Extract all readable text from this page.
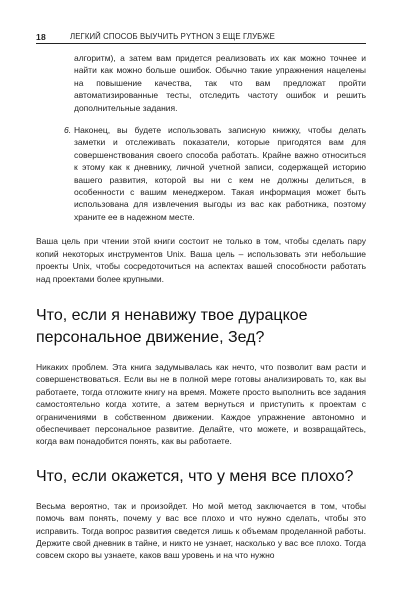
18	ЛЕГКИЙ СПОСОБ ВЫУЧИТЬ PYTHON 3 ЕЩЕ ГЛУБЖЕ
алгоритм), а затем вам придется реализовать их как можно точнее и найти как можно больше ошибок. Обычно такие упражнения нацелены на повышение качества, так что вам предложат пройти автоматизированные тесты, отследить частоту ошибок и решить дополнительные задания.
6. Наконец, вы будете использовать записную книжку, чтобы делать заметки и отслеживать показатели, которые пригодятся вам для совершенствования своего способа работать. Крайне важно относиться к этому как к дневнику, личной учетной записи, содержащей историю вашего развития, которой вы ни с кем не должны делиться, в особенности с вашим менеджером. Такая информация может быть использована для извлечения выгоды из вас как работника, поэтому храните ее в надежном месте.

Ваша цель при чтении этой книги состоит не только в том, чтобы сделать пару копий некоторых инструментов Unix. Ваша цель – использовать эти небольшие проекты Unix, чтобы сосредоточиться на аспектах вашей способности работать над проектами более крупными.

Что, если я ненавижу твое дурацкое персональное движение, Зед?

Никаких проблем. Эта книга задумывалась как нечто, что позволит вам расти и совершенствоваться. Если вы не в полной мере готовы анализировать то, как вы работаете, тогда отложите книгу на время. Можете просто выполнить все задания самостоятельно когда хотите, а затем вернуться и приступить к проектам с ограничениями в собственном движении. Каждое упражнение автономно и обеспечивает персональное развитие. Делайте, что можете, и возвращайтесь, когда вам понадобится понять, как вы работаете.

Что, если окажется, что у меня все плохо?

Весьма вероятно, так и произойдет. Но мой метод заключается в том, чтобы помочь вам понять, почему у вас все плохо и что нужно сделать, чтобы это исправить. Тогда вопрос развития сведется лишь к объемам проделанной работы. Держите свой дневник в тайне, и никто не узнает, насколько у вас все плохо. Тогда совсем скоро вы узнаете, каков ваш уровень и на что нужно
